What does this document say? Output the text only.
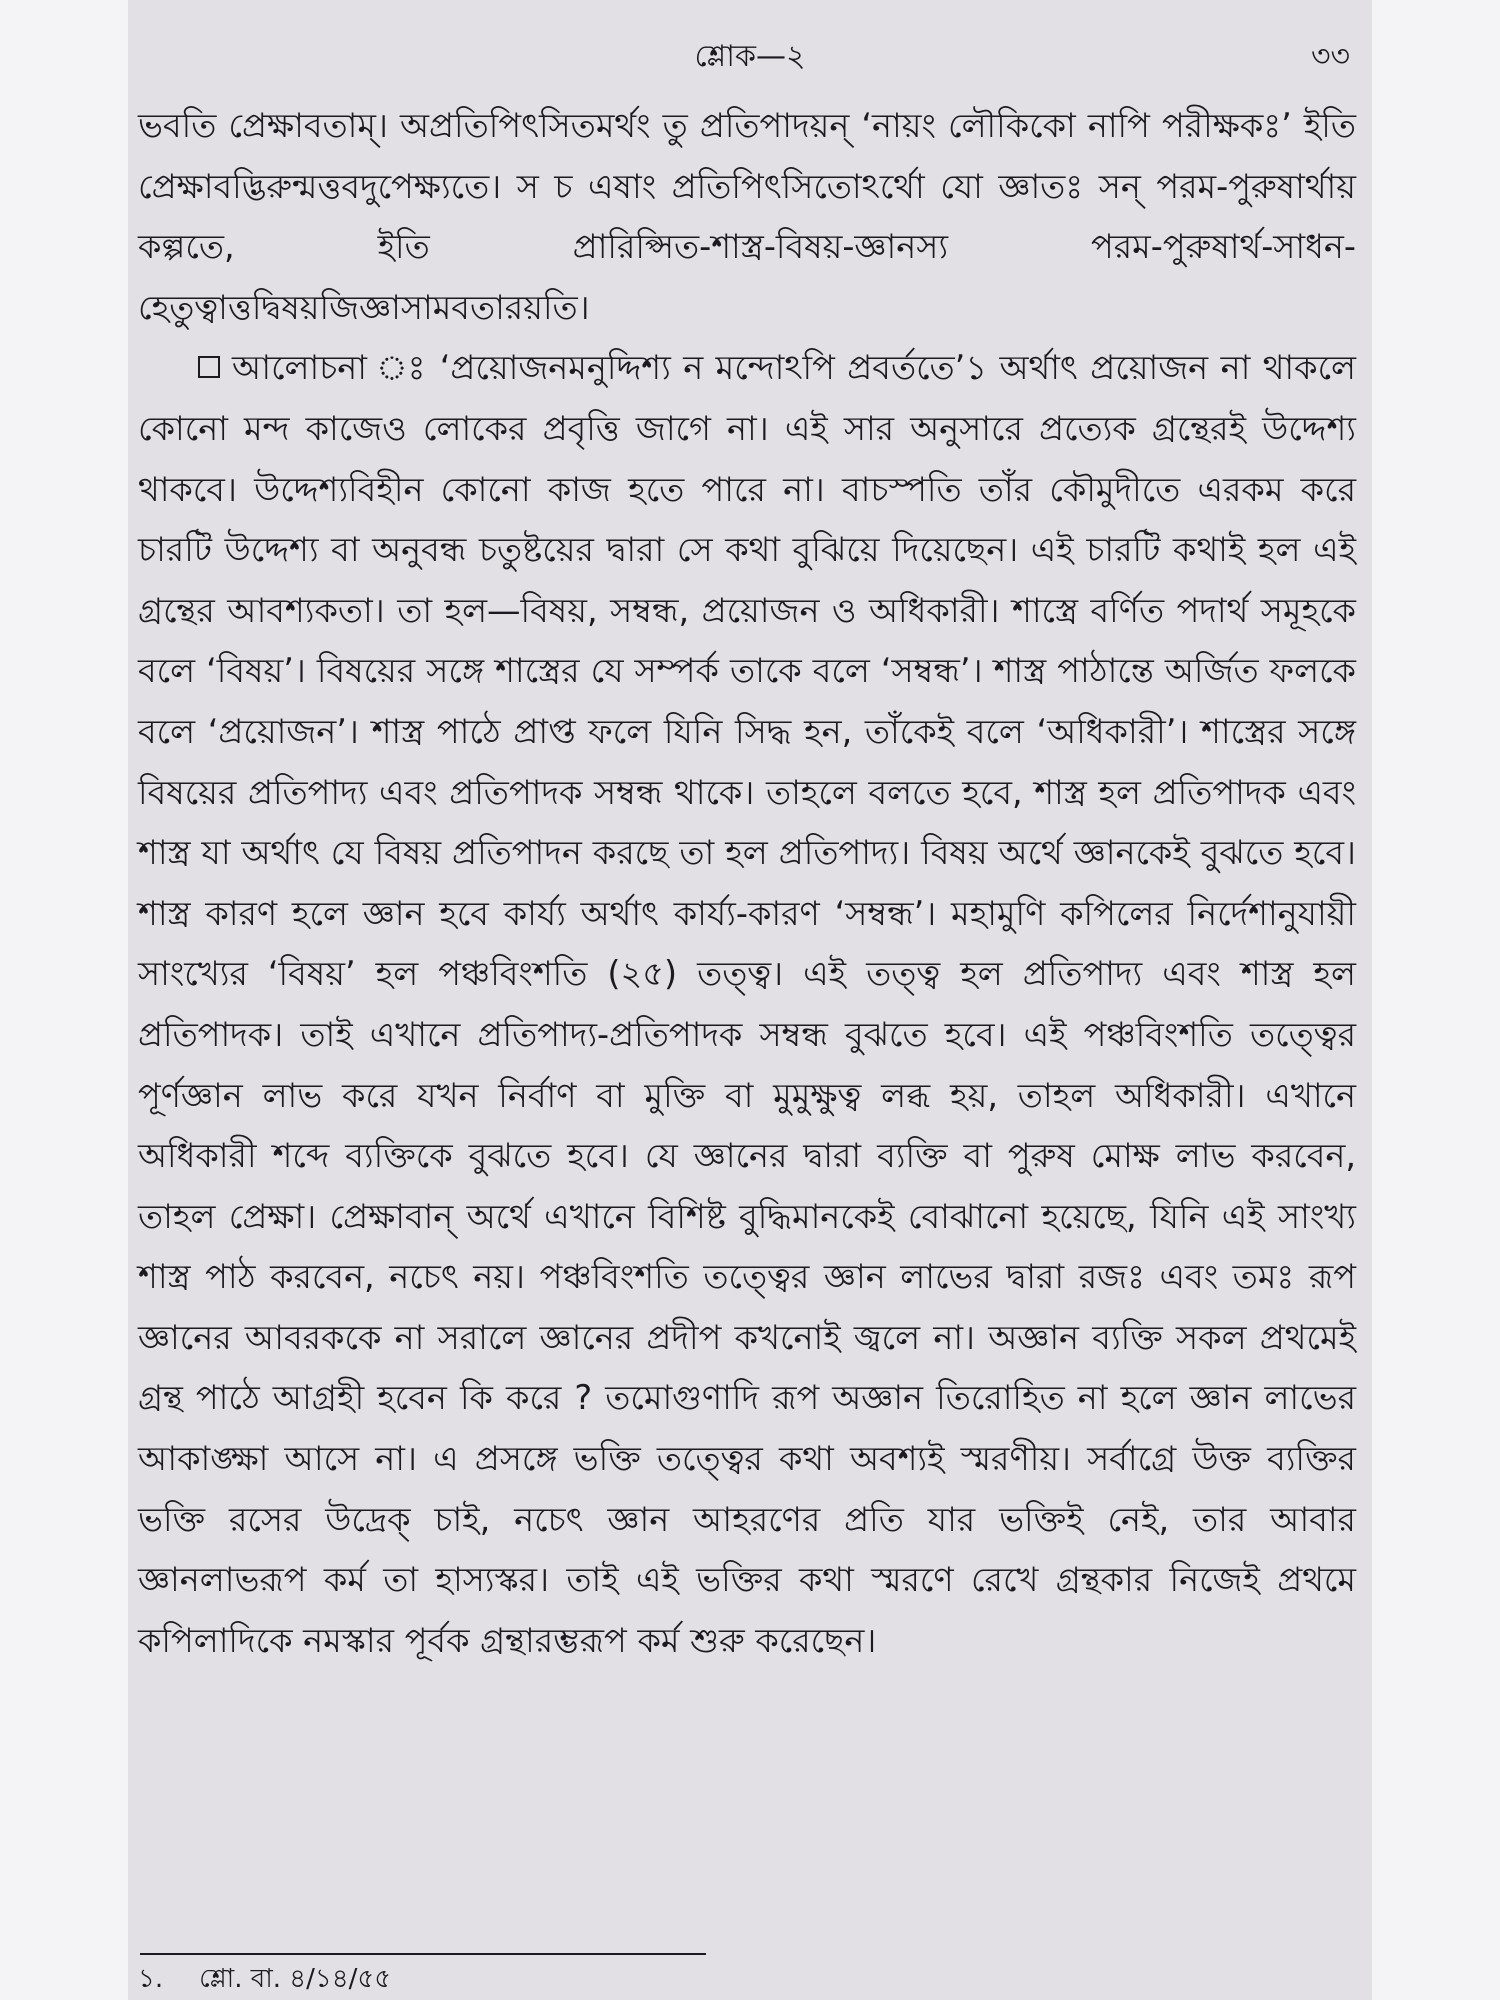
শ্লোক—২	৩৩

ভবতি প্রেক্ষাবতাম্। অপ্রতিপিৎসিতমর্থং তু প্রতিপাদয়ন্ ‘নায়ং লৌকিকো নাপি পরীক্ষকঃ’ ইতি প্রেক্ষাবদ্ভিরুন্মত্তবদুপেক্ষ্যতে। স চ এষাং প্রতিপিৎসিতোঽর্থো যো জ্ঞাতঃ সন্ পরম-পুরুষার্থায় কল্পতে, ইতি প্রারিপ্সিত-শাস্ত্র-বিষয়-জ্ঞানস্য পরম-পুরুষার্থ-সাধন-হেতুত্বাত্তদ্বিষয়জিজ্ঞাসামবতারয়তি।

আলোচনা ঃ ‘প্রয়োজনমনুদ্দিশ্য ন মন্দোঽপি প্রবর্ততে’১ অর্থাৎ প্রয়োজন না থাকলে কোনো মন্দ কাজেও লোকের প্রবৃত্তি জাগে না। এই সার অনুসারে প্রত্যেক গ্রন্থেরই উদ্দেশ্য থাকবে। উদ্দেশ্যবিহীন কোনো কাজ হতে পারে না। বাচস্পতি তাঁর কৌমুদীতে এরকম করে চারটি উদ্দেশ্য বা অনুবন্ধ চতুষ্টয়ের দ্বারা সে কথা বুঝিয়ে দিয়েছেন। এই চারটি কথাই হল এই গ্রন্থের আবশ্যকতা। তা হল—বিষয়, সম্বন্ধ, প্রয়োজন ও অধিকারী। শাস্ত্রে বর্ণিত পদার্থ সমূহকে বলে ‘বিষয়’। বিষয়ের সঙ্গে শাস্ত্রের যে সম্পর্ক তাকে বলে ‘সম্বন্ধ’। শাস্ত্র পাঠান্তে অর্জিত ফলকে বলে ‘প্রয়োজন’। শাস্ত্র পাঠে প্রাপ্ত ফলে যিনি সিদ্ধ হন, তাঁকেই বলে ‘অধিকারী’। শাস্ত্রের সঙ্গে বিষয়ের প্রতিপাদ্য এবং প্রতিপাদক সম্বন্ধ থাকে। তাহলে বলতে হবে, শাস্ত্র হল প্রতিপাদক এবং শাস্ত্র যা অর্থাৎ যে বিষয় প্রতিপাদন করছে তা হল প্রতিপাদ্য। বিষয় অর্থে জ্ঞানকেই বুঝতে হবে। শাস্ত্র কারণ হলে জ্ঞান হবে কার্য্য অর্থাৎ কার্য্য-কারণ ‘সম্বন্ধ’। মহামুণি কপিলের নির্দেশানুযায়ী সাংখ্যের ‘বিষয়’ হল পঞ্চবিংশতি (২৫) তত্ত্ব। এই তত্ত্ব হল প্রতিপাদ্য এবং শাস্ত্র হল প্রতিপাদক। তাই এখানে প্রতিপাদ্য-প্রতিপাদক সম্বন্ধ বুঝতে হবে। এই পঞ্চবিংশতি তত্ত্বের পূর্ণজ্ঞান লাভ করে যখন নির্বাণ বা মুক্তি বা মুমুক্ষুত্ব লব্ধ হয়, তাহল অধিকারী। এখানে অধিকারী শব্দে ব্যক্তিকে বুঝতে হবে। যে জ্ঞানের দ্বারা ব্যক্তি বা পুরুষ মোক্ষ লাভ করবেন, তাহল প্রেক্ষা। প্রেক্ষাবান্ অর্থে এখানে বিশিষ্ট বুদ্ধিমানকেই বোঝানো হয়েছে, যিনি এই সাংখ্য শাস্ত্র পাঠ করবেন, নচেৎ নয়। পঞ্চবিংশতি তত্ত্বের জ্ঞান লাভের দ্বারা রজঃ এবং তমঃ রূপ জ্ঞানের আবরককে না সরালে জ্ঞানের প্রদীপ কখনোই জ্বলে না। অজ্ঞান ব্যক্তি সকল প্রথমেই গ্রন্থ পাঠে আগ্রহী হবেন কি করে ? তমোগুণাদি রূপ অজ্ঞান তিরোহিত না হলে জ্ঞান লাভের আকাঙ্ক্ষা আসে না। এ প্রসঙ্গে ভক্তি তত্ত্বের কথা অবশ্যই স্মরণীয়। সর্বাগ্রে উক্ত ব্যক্তির ভক্তি রসের উদ্রেক্ চাই, নচেৎ জ্ঞান আহরণের প্রতি যার ভক্তিই নেই, তার আবার জ্ঞানলাভরূপ কর্ম তা হাস্যস্কর। তাই এই ভক্তির কথা স্মরণে রেখে গ্রন্থকার নিজেই প্রথমে কপিলাদিকে নমস্কার পূর্বক গ্রন্থারম্ভরূপ কর্ম শুরু করেছেন।

১. শ্লো. বা. ৪/১৪/৫৫
